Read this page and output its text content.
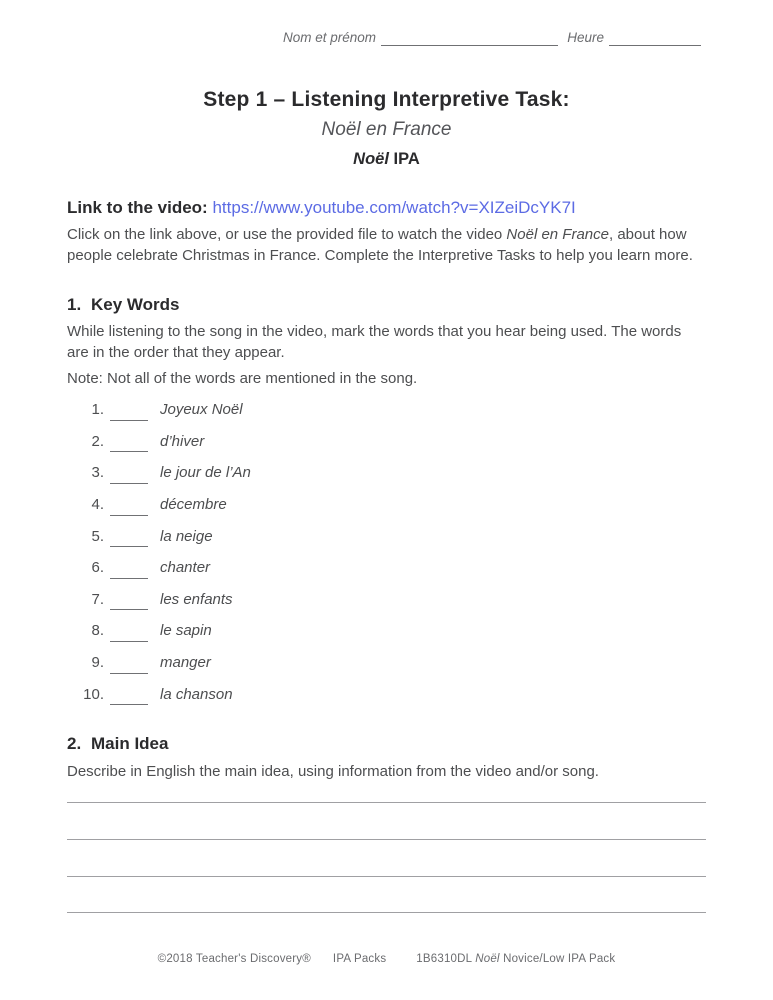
Nom et prénom	Heure
Step 1 – Listening Interpretive Task:
Noël en France
Noël IPA
Link to the video: https://www.youtube.com/watch?v=XIZeiDcYK7I

Click on the link above, or use the provided file to watch the video Noël en France, about how people celebrate Christmas in France. Complete the Interpretive Tasks to help you learn more.

1. Key Words

While listening to the song in the video, mark the words that you hear being used. The words are in the order that they appear.

Note: Not all of the words are mentioned in the song.

1.	Joyeux Noël
2.	d’hiver
3.	le jour de l’An
4.	décembre
5.	la neige
6.	chanter
7.	les enfants
8.	le sapin
9.	manger
10.	la chanson
2. Main Idea

Describe in English the main idea, using information from the video and/or song.

©2018 Teacher's Discovery® IPA Packs	1B6310DL Noël Novice/Low IPA Pack
